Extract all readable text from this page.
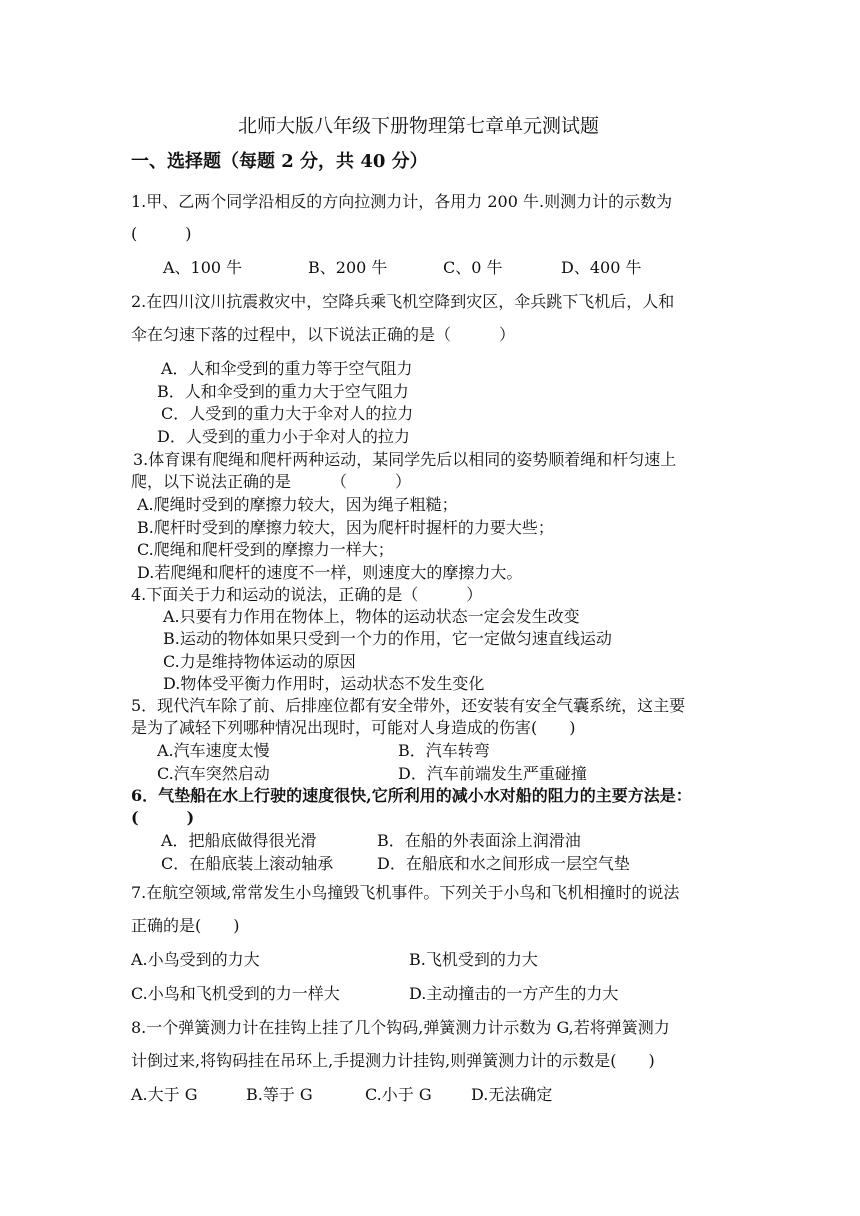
北师大版八年级下册物理第七章单元测试题
一、选择题（每题 2 分，共 40 分）
1.甲、乙两个同学沿相反的方向拉测力计，各用力 200 牛.则测力计的示数为
(　　　)
A、100 牛	B、200 牛	C、0 牛	D、400 牛
2.在四川汶川抗震救灾中，空降兵乘飞机空降到灾区，伞兵跳下飞机后，人和
伞在匀速下落的过程中，以下说法正确的是（　　　）
A．人和伞受到的重力等于空气阻力
B．人和伞受到的重力大于空气阻力
C．人受到的重力大于伞对人的拉力
D．人受到的重力小于伞对人的拉力
3.体育课有爬绳和爬杆两种运动，某同学先后以相同的姿势顺着绳和杆匀速上
爬，以下说法正确的是　　　（　　　）
A.爬绳时受到的摩擦力较大，因为绳子粗糙；
B.爬杆时受到的摩擦力较大，因为爬杆时握杆的力要大些；
C.爬绳和爬杆受到的摩擦力一样大；
D.若爬绳和爬杆的速度不一样，则速度大的摩擦力大。
4.下面关于力和运动的说法，正确的是（　　　）
A.只要有力作用在物体上，物体的运动状态一定会发生改变
B.运动的物体如果只受到一个力的作用，它一定做匀速直线运动
C.力是维持物体运动的原因
D.物体受平衡力作用时，运动状态不发生变化
5．现代汽车除了前、后排座位都有安全带外，还安装有安全气囊系统，这主要
是为了减轻下列哪种情况出现时，可能对人身造成的伤害(　　)
A.汽车速度太慢	B．汽车转弯
C.汽车突然启动	D．汽车前端发生严重碰撞
6．气垫船在水上行驶的速度很快,它所利用的减小水对船的阻力的主要方法是：
(　　　)
A．把船底做得很光滑	B．在船的外表面涂上润滑油
C．在船底装上滚动轴承	D．在船底和水之间形成一层空气垫
7.在航空领域,常常发生小鸟撞毁飞机事件。下列关于小鸟和飞机相撞时的说法
正确的是(　　)
A.小鸟受到的力大	B.飞机受到的力大
C.小鸟和飞机受到的力一样大	D.主动撞击的一方产生的力大
8.一个弹簧测力计在挂钩上挂了几个钩码,弹簧测力计示数为 G,若将弹簧测力
计倒过来,将钩码挂在吊环上,手提测力计挂钩,则弹簧测力计的示数是(　　)
A.大于 G	B.等于 G	C.小于 G D.无法确定
